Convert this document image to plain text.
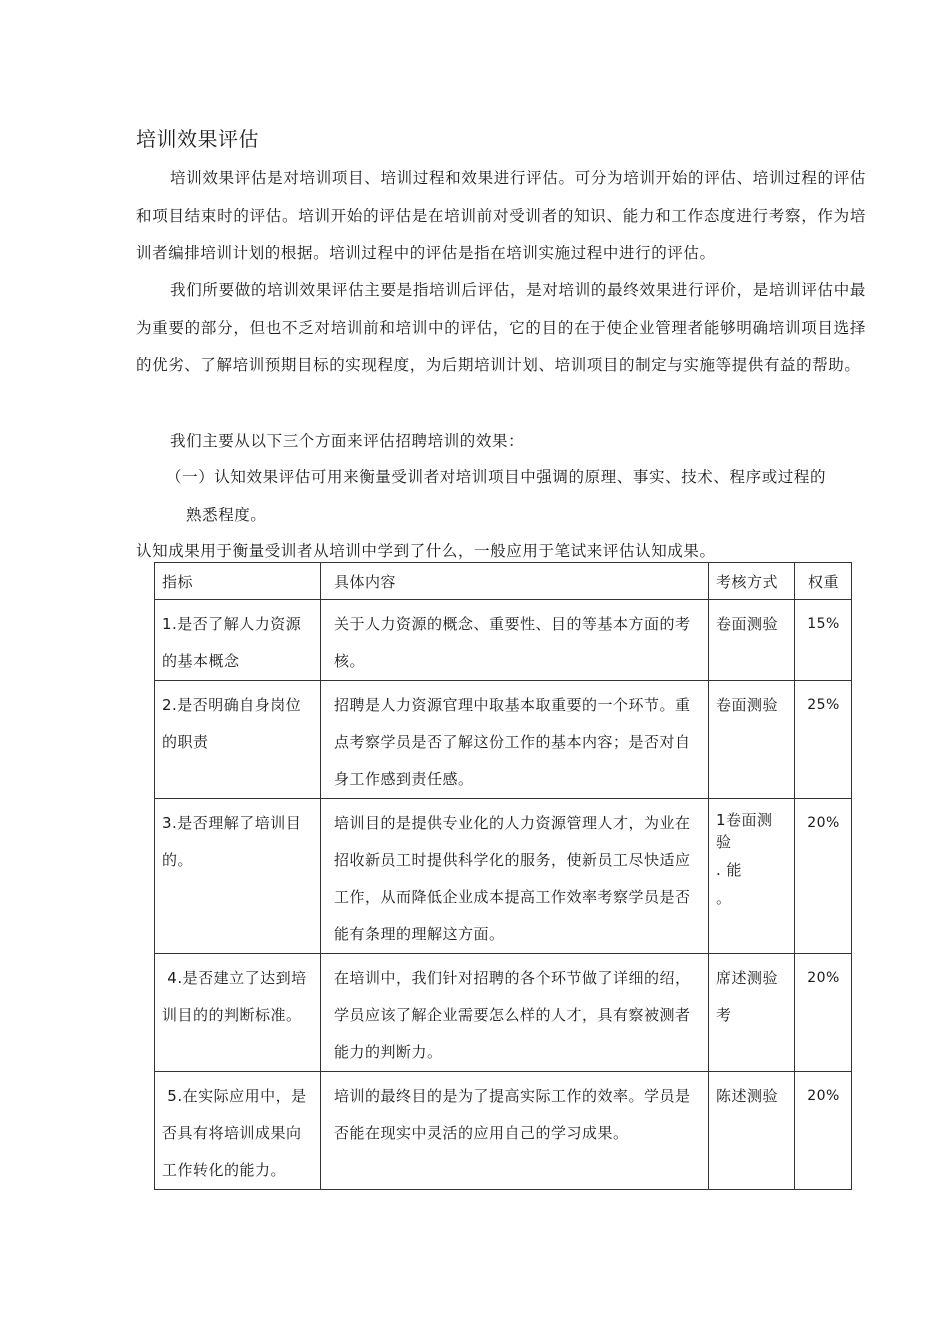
培训效果评估
培训效果评估是对培训项目、培训过程和效果进行评估。可分为培训开始的评估、培训过程的评估和项目结束时的评估。培训开始的评估是在培训前对受训者的知识、能力和工作态度进行考察，作为培训者编排培训计划的根据。培训过程中的评估是指在培训实施过程中进行的评估。
我们所要做的培训效果评估主要是指培训后评估，是对培训的最终效果进行评价，是培训评估中最为重要的部分，但也不乏对培训前和培训中的评估，它的目的在于使企业管理者能够明确培训项目选择的优劣、了解培训预期目标的实现程度，为后期培训计划、培训项目的制定与实施等提供有益的帮助。
我们主要从以下三个方面来评估招聘培训的效果：
（一）认知效果评估可用来衡量受训者对培训项目中强调的原理、事实、技术、程序或过程的
熟悉程度。
认知成果用于衡量受训者从培训中学到了什么，一般应用于笔试来评估认知成果。
指标	具体内容	考核方式	权重

1.是否了解人力资源的基本概念	关于人力资源的概念、重要性、目的等基本方面的考核。	卷面测验	15%

2.是否明确自身岗位的职责	招聘是人力资源官理中取基本取重要的一个环节。重点考察学员是否了解这份工作的基本内容；是否对自身工作感到责任感。	卷面测验	25%

3.是否理解了培训目的。	培训目的是提供专业化的人力资源管理人才，为业在招收新员工时提供科学化的服务，使新员工尽快适应工作，从而降低企业成本提高工作效率考察学员是否能有条理的理解这方面。	1卷面测验
. 能
。	20%

4.是否建立了达到培训目的的判断标准。	在培训中，我们针对招聘的各个环节做了详细的绍，学员应该了解企业需要怎么样的人才，具有察被测者能力的判断力。	席述测验考	20%

5.在实际应用中，是否具有将培训成果向工作转化的能力。	培训的最终目的是为了提高实际工作的效率。学员是否能在现实中灵活的应用自己的学习成果。	陈述测验	20%
